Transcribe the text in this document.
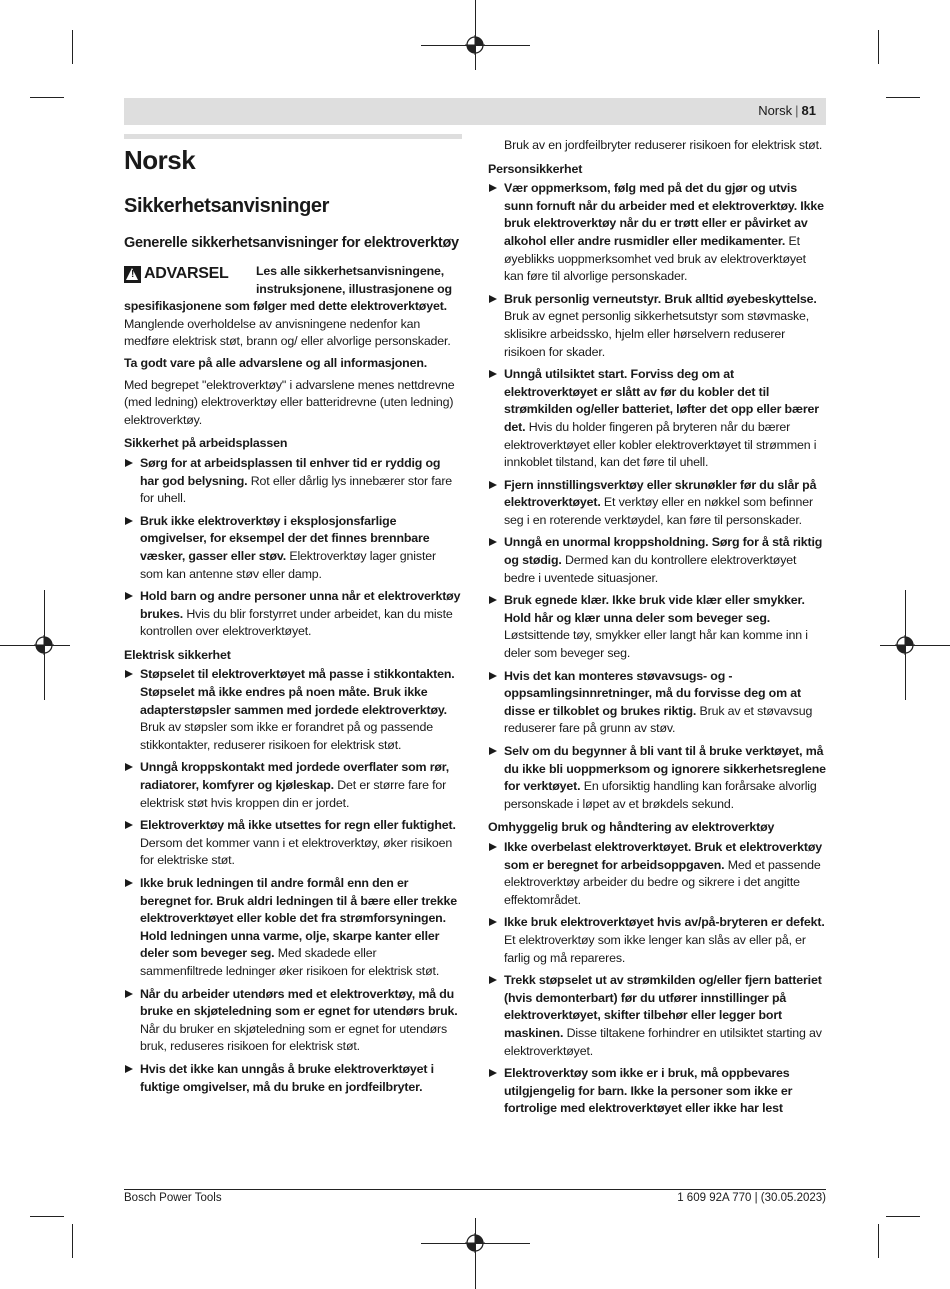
Norsk | 81
Norsk
Sikkerhetsanvisninger
Generelle sikkerhetsanvisninger for elektroverktøy
!
ADVARSEL	Les alle sikkerhetsanvisningene, instruksjonene, illustrasjonene og spesifikasjonene som følger med dette elektroverktøyet. Manglende overholdelse av anvisningene nedenfor kan medføre elektrisk støt, brann og/ eller alvorlige personskader.

Ta godt vare på alle advarslene og all informasjonen.

Med begrepet "elektroverktøy" i advarslene menes nettdrevne (med ledning) elektroverktøy eller batteridrevne (uten ledning) elektroverktøy.

Sikkerhet på arbeidsplassen
Sørg for at arbeidsplassen til enhver tid er ryddig og har god belysning. Rot eller dårlig lys innebærer stor fare for uhell.
Bruk ikke elektroverktøy i eksplosjonsfarlige omgivelser, for eksempel der det finnes brennbare væsker, gasser eller støv. Elektroverktøy lager gnister som kan antenne støv eller damp.
Hold barn og andre personer unna når et elektroverktøy brukes. Hvis du blir forstyrret under arbeidet, kan du miste kontrollen over elektroverktøyet.
Elektrisk sikkerhet
Støpselet til elektroverktøyet må passe i stikkontakten. Støpselet må ikke endres på noen måte. Bruk ikke adapterstøpsler sammen med jordede elektroverktøy. Bruk av støpsler som ikke er forandret på og passende stikkontakter, reduserer risikoen for elektrisk støt.
Unngå kroppskontakt med jordede overflater som rør, radiatorer, komfyrer og kjøleskap. Det er større fare for elektrisk støt hvis kroppen din er jordet.
Elektroverktøy må ikke utsettes for regn eller fuktighet. Dersom det kommer vann i et elektroverktøy, øker risikoen for elektriske støt.
Ikke bruk ledningen til andre formål enn den er beregnet for. Bruk aldri ledningen til å bære eller trekke elektroverktøyet eller koble det fra strømforsyningen. Hold ledningen unna varme, olje, skarpe kanter eller deler som beveger seg. Med skadede eller sammenfiltrede ledninger øker risikoen for elektrisk støt.
Når du arbeider utendørs med et elektroverktøy, må du bruke en skjøteledning som er egnet for utendørs bruk. Når du bruker en skjøteledning som er egnet for utendørs bruk, reduseres risikoen for elektrisk støt.
Hvis det ikke kan unngås å bruke elektroverktøyet i fuktige omgivelser, må du bruke en jordfeilbryter.

Bruk av en jordfeilbryter reduserer risikoen for elektrisk støt.

Personsikkerhet
Vær oppmerksom, følg med på det du gjør og utvis sunn fornuft når du arbeider med et elektroverktøy. Ikke bruk elektroverktøy når du er trøtt eller er påvirket av alkohol eller andre rusmidler eller medikamenter. Et øyeblikks uoppmerksomhet ved bruk av elektroverktøyet kan føre til alvorlige personskader.
Bruk personlig verneutstyr. Bruk alltid øyebeskyttelse. Bruk av egnet personlig sikkerhetsutstyr som støvmaske, sklisikre arbeidssko, hjelm eller hørselvern reduserer risikoen for skader.
Unngå utilsiktet start. Forviss deg om at elektroverktøyet er slått av før du kobler det til strømkilden og/eller batteriet, løfter det opp eller bærer det. Hvis du holder fingeren på bryteren når du bærer elektroverktøyet eller kobler elektroverktøyet til strømmen i innkoblet tilstand, kan det føre til uhell.
Fjern innstillingsverktøy eller skrunøkler før du slår på elektroverktøyet. Et verktøy eller en nøkkel som befinner seg i en roterende verktøydel, kan føre til personskader.
Unngå en unormal kroppsholdning. Sørg for å stå riktig og stødig. Dermed kan du kontrollere elektroverktøyet bedre i uventede situasjoner.
Bruk egnede klær. Ikke bruk vide klær eller smykker. Hold hår og klær unna deler som beveger seg. Løstsittende tøy, smykker eller langt hår kan komme inn i deler som beveger seg.
Hvis det kan monteres støvavsugs- og -oppsamlingsinnretninger, må du forvisse deg om at disse er tilkoblet og brukes riktig. Bruk av et støvavsug reduserer fare på grunn av støv.
Selv om du begynner å bli vant til å bruke verktøyet, må du ikke bli uoppmerksom og ignorere sikkerhetsreglene for verktøyet. En uforsiktig handling kan forårsake alvorlig personskade i løpet av et brøkdels sekund.
Omhyggelig bruk og håndtering av elektroverktøy
Ikke overbelast elektroverktøyet. Bruk et elektroverktøy som er beregnet for arbeidsoppgaven. Med et passende elektroverktøy arbeider du bedre og sikrere i det angitte effektområdet.
Ikke bruk elektroverktøyet hvis av/på-bryteren er defekt. Et elektroverktøy som ikke lenger kan slås av eller på, er farlig og må repareres.
Trekk støpselet ut av strømkilden og/eller fjern batteriet (hvis demonterbart) før du utfører innstillinger på elektroverktøyet, skifter tilbehør eller legger bort maskinen. Disse tiltakene forhindrer en utilsiktet starting av elektroverktøyet.
Elektroverktøy som ikke er i bruk, må oppbevares utilgjengelig for barn. Ikke la personer som ikke er fortrolige med elektroverktøyet eller ikke har lest
Bosch Power Tools	1 609 92A 770 | (30.05.2023)
